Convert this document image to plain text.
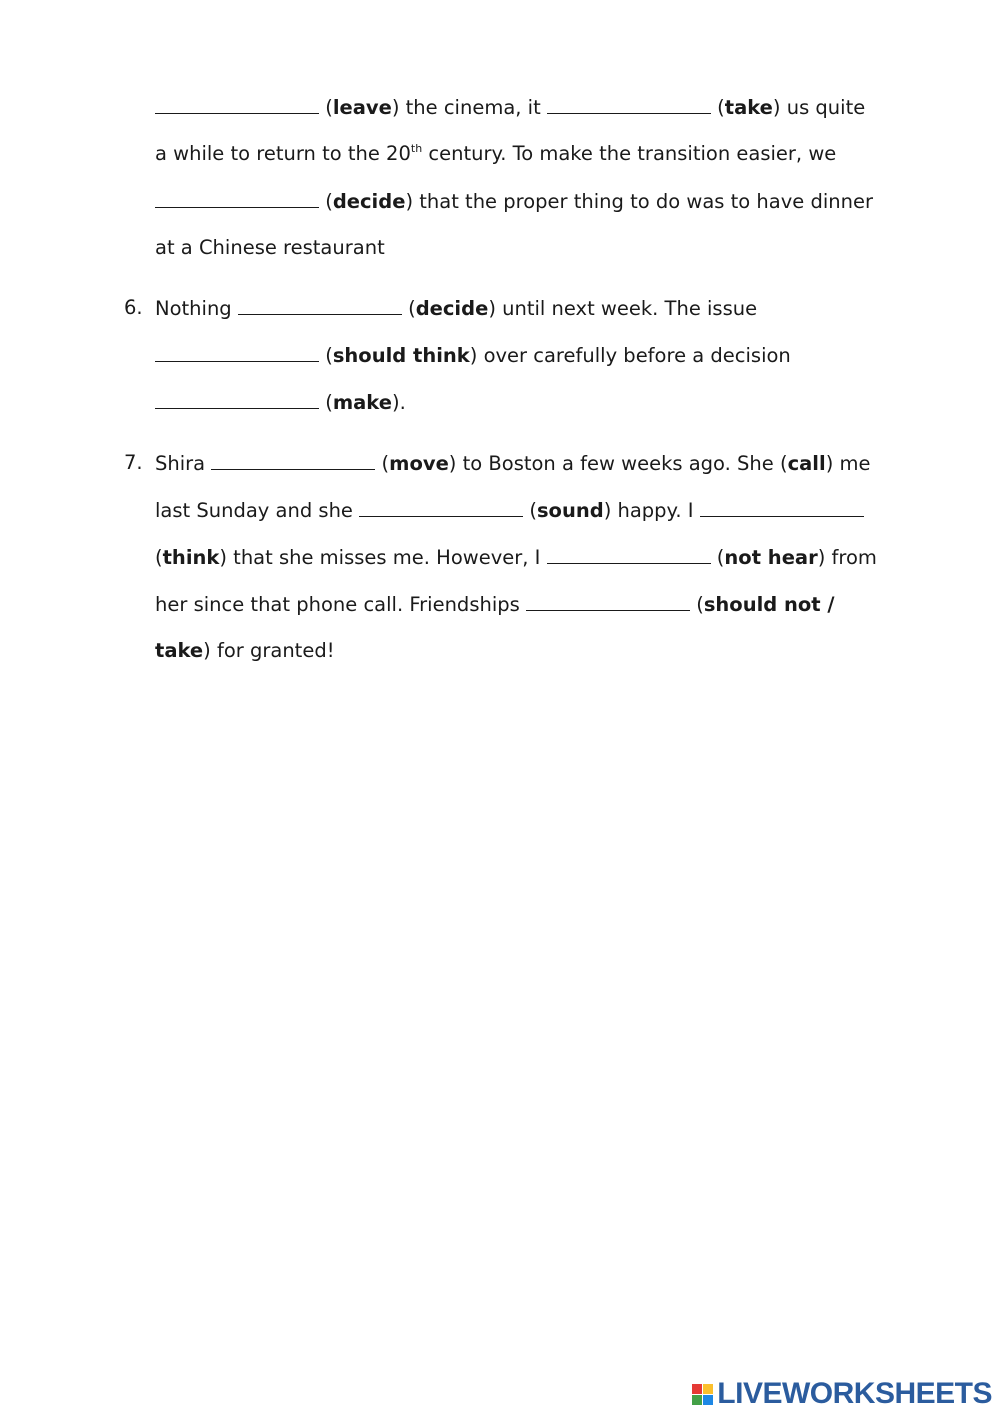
(leave) the cinema, it	(take) us quite
a while to return to the 20th century. To make the transition easier, we
(decide) that the proper thing to do was to have dinner
at a Chinese restaurant
6. Nothing	(decide) until next week. The issue
(should think) over carefully before a decision
(make).
7. Shira	(move) to Boston a few weeks ago. She (call) me
last Sunday and she	(sound) happy. I
(think) that she misses me. However, I	(not hear) from
her since that phone call. Friendships	(should not /
take) for granted!
LIVEWORKSHEETS
